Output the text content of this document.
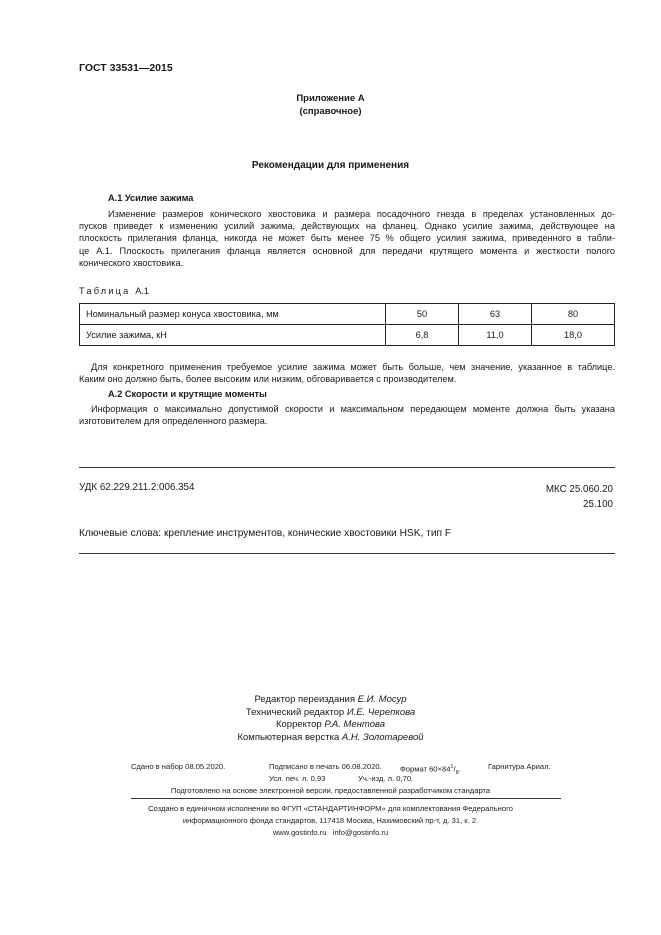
ГОСТ 33531—2015
Приложение А
(справочное)
Рекомендации для применения
А.1 Усилие зажима
Изменение размеров конического хвостовика и размера посадочного гнезда в пределах установленных до-
пусков приведет к изменению усилий зажима, действующих на фланец. Однако усилие зажима, действующее на
плоскость прилегания фланца, никогда не может быть менее 75 % общего усилия зажима, приведенного в табли-
це А.1. Плоскость прилегания фланца является основной для передачи крутящего момента и жесткости полого
конического хвостовика.
Таблица А.1
Номинальный размер конуса хвостовика, мм	50	63	80
Усилие зажима, кН	6,8	11,0	18,0
Для конкретного применения требуемое усилие зажима может быть больше, чем значение, указанное в таблице.
Каким оно должно быть, более высоким или низким, обговаривается с производителем.
А.2 Скорости и крутящие моменты
Информация о максимально допустимой скорости и максимальном передающем моменте должна быть указана
изготовителем для определенного размера.
УДК 62.229.211.2:006.354	МКС 25.060.20
25.100
Ключевые слова: крепление инструментов, конические хвостовики HSK, тип F
Редактор переиздания Е.И. Мосур
Технический редактор И.Е. Черепкова
Корректор Р.А. Ментова
Компьютерная верстка А.Н. Золотаревой
Сдано в набор 08.05.2020.	Подписано в печать 06.08.2020. Формат $60\times 84^1/_8$.	Гарнитура Ариал.
Усл. печ. л. 0,93	Уч.-изд. л. 0,70.
Подготовлено на основе электронной версии, предоставленной разработчиком стандарта
Создано в единичном исполнении во ФГУП «СТАНДАРТИНФОРМ» для комплектования Федерального
информационного фонда стандартов, 117418 Москва, Нахимовский пр-т, д. 31, к. 2.
www.gostinfo.ru info@gostinfo.ru
